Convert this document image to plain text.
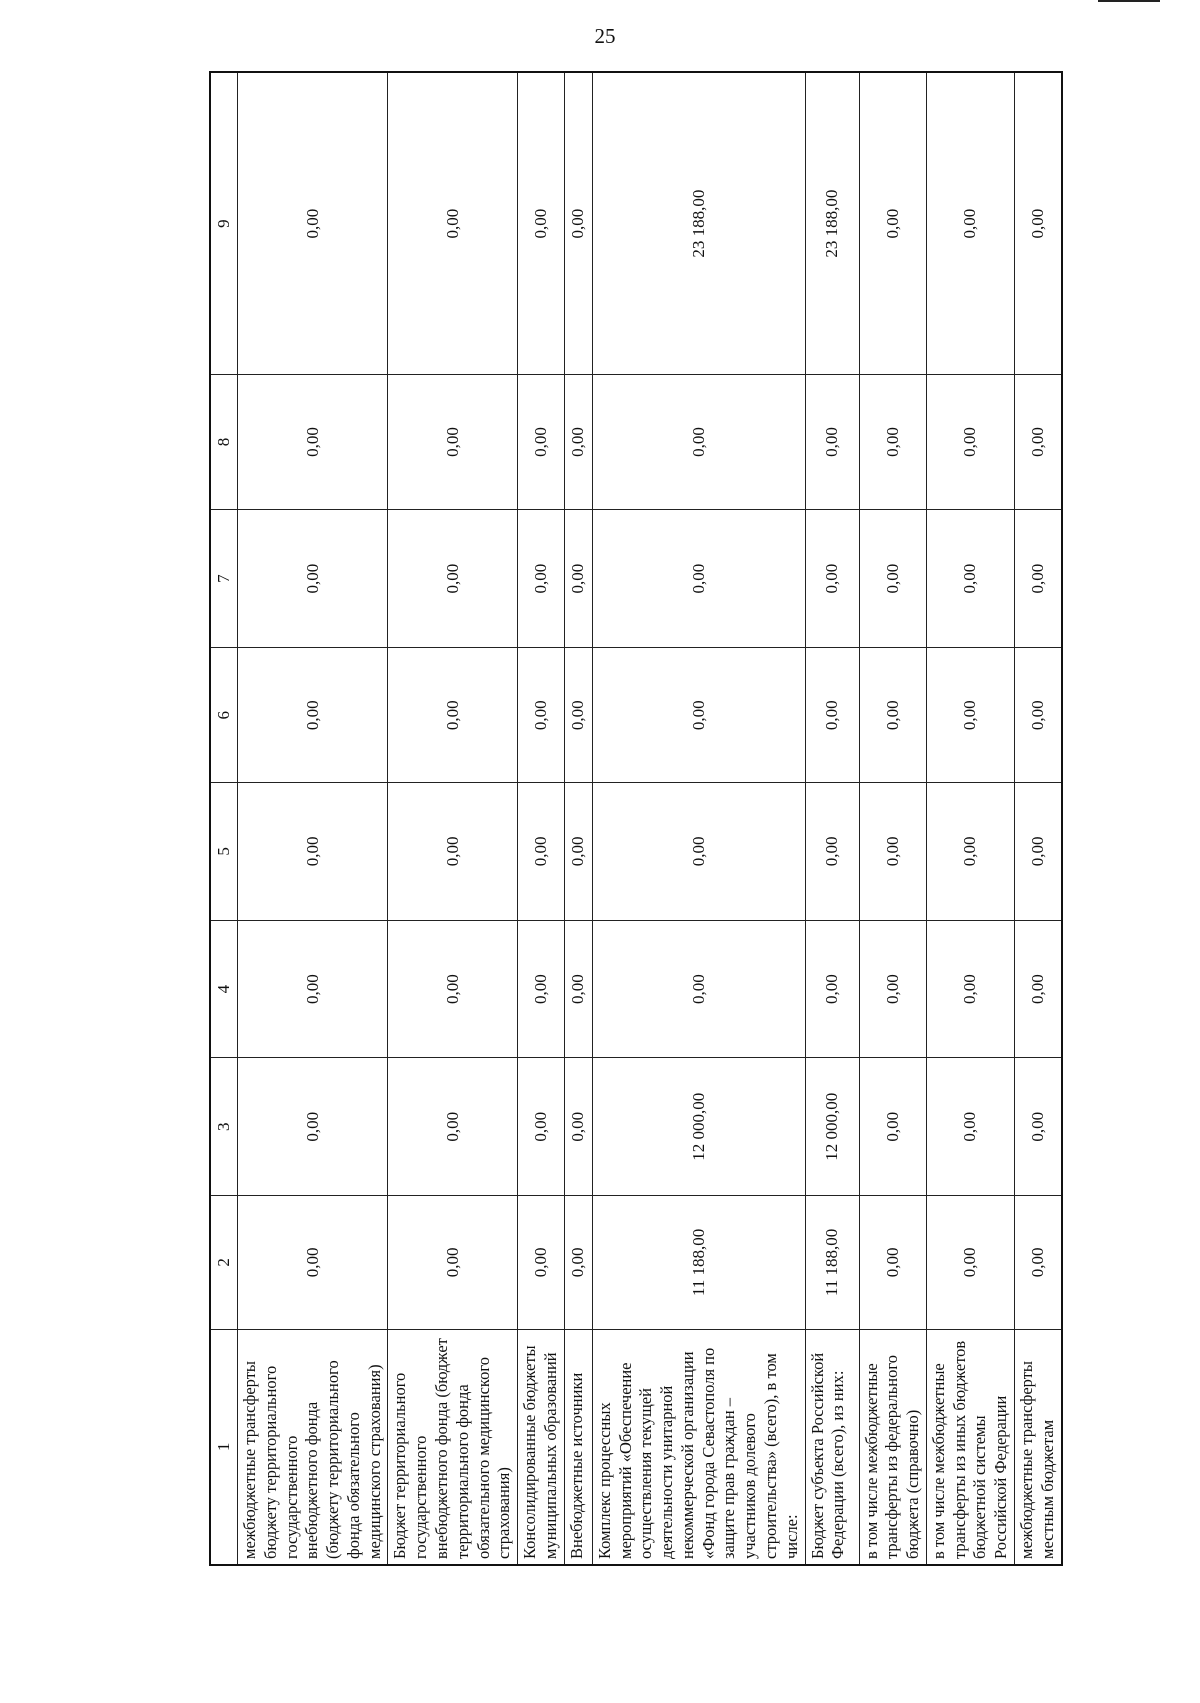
25
1	2	3	4	5	6	7	8	9
межбюджетные трансферты бюджету территориального государственного внебюджетного фонда (бюджету территориального фонда обязательного медицинского страхования)	0,00	0,00	0,00	0,00	0,00	0,00	0,00	0,00
Бюджет территориального государственного внебюджетного фонда (бюджет территориального фонда обязательного медицинского страхования)	0,00	0,00	0,00	0,00	0,00	0,00	0,00	0,00
Консолидированные бюджеты муниципальных образований	0,00	0,00	0,00	0,00	0,00	0,00	0,00	0,00
Внебюджетные источники	0,00	0,00	0,00	0,00	0,00	0,00	0,00	0,00
Комплекс процессных мероприятий «Обеспечение осуществления текущей деятельности унитарной некоммерческой организации «Фонд города Севастополя по защите прав граждан – участников долевого строительства» (всего), в том числе:	11 188,00	12 000,00	0,00	0,00	0,00	0,00	0,00	23 188,00
Бюджет субъекта Российской Федерации (всего), из них:	11 188,00	12 000,00	0,00	0,00	0,00	0,00	0,00	23 188,00
в том числе межбюджетные трансферты из федерального бюджета (справочно)	0,00	0,00	0,00	0,00	0,00	0,00	0,00	0,00
в том числе межбюджетные трансферты из иных бюджетов бюджетной системы Российской Федерации	0,00	0,00	0,00	0,00	0,00	0,00	0,00	0,00
межбюджетные трансферты местным бюджетам	0,00	0,00	0,00	0,00	0,00	0,00	0,00	0,00
